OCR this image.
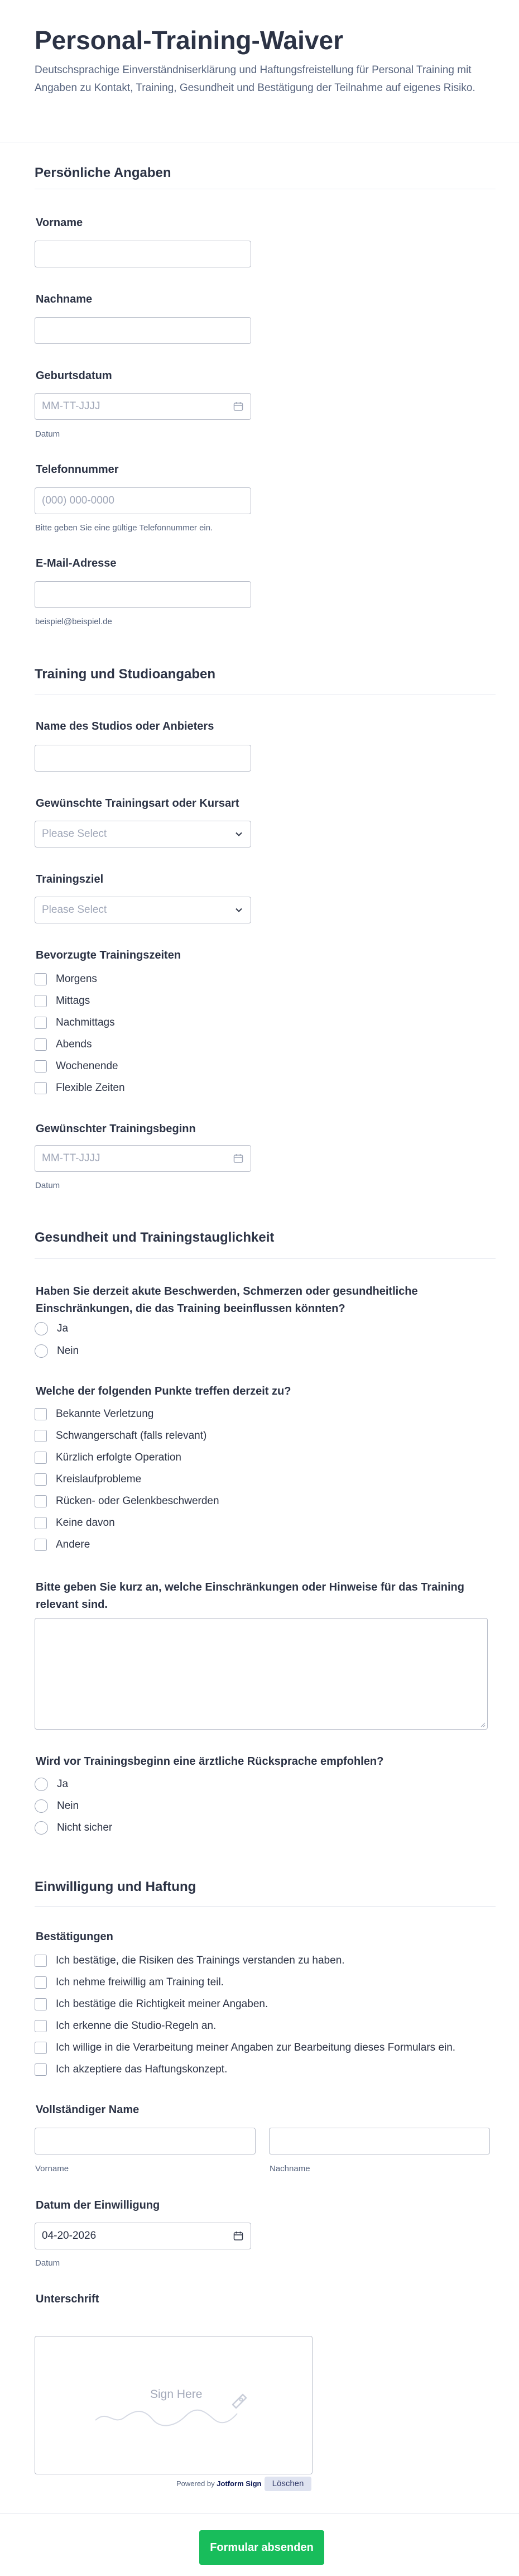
Personal-Training-Waiver
Deutschsprachige Einverständniserklärung und Haftungsfreistellung für Personal Training mit Angaben zu Kontakt, Training, Gesundheit und Bestätigung der Teilnahme auf eigenes Risiko.
Persönliche Angaben
Vorname
Nachname
Geburtsdatum
MM-TT-JJJJ
Datum
Telefonnummer
(000) 000-0000
Bitte geben Sie eine gültige Telefonnummer ein.
E-Mail-Adresse
beispiel@beispiel.de
Training und Studioangaben
Name des Studios oder Anbieters
Gewünschte Trainingsart oder Kursart
Please Select
Trainingsziel
Please Select
Bevorzugte Trainingszeiten
Morgens
Mittags
Nachmittags
Abends
Wochenende
Flexible Zeiten
Gewünschter Trainingsbeginn
MM-TT-JJJJ
Datum
Gesundheit und Trainingstauglichkeit
Haben Sie derzeit akute Beschwerden, Schmerzen oder gesundheitliche Einschränkungen, die das Training beeinflussen könnten?
Ja
Nein
Welche der folgenden Punkte treffen derzeit zu?
Bekannte Verletzung
Schwangerschaft (falls relevant)
Kürzlich erfolgte Operation
Kreislaufprobleme
Rücken- oder Gelenkbeschwerden
Keine davon
Andere
Bitte geben Sie kurz an, welche Einschränkungen oder Hinweise für das Training relevant sind.
Wird vor Trainingsbeginn eine ärztliche Rücksprache empfohlen?
Ja
Nein
Nicht sicher
Einwilligung und Haftung
Bestätigungen
Ich bestätige, die Risiken des Trainings verstanden zu haben.
Ich nehme freiwillig am Training teil.
Ich bestätige die Richtigkeit meiner Angaben.
Ich erkenne die Studio-Regeln an.
Ich willige in die Verarbeitung meiner Angaben zur Bearbeitung dieses Formulars ein.
Ich akzeptiere das Haftungskonzept.
Vollständiger Name
Vorname	Nachname
Datum der Einwilligung
04-20-2026
Datum
Unterschrift
Sign Here
Powered by Jotform Sign	Löschen
Formular absenden
